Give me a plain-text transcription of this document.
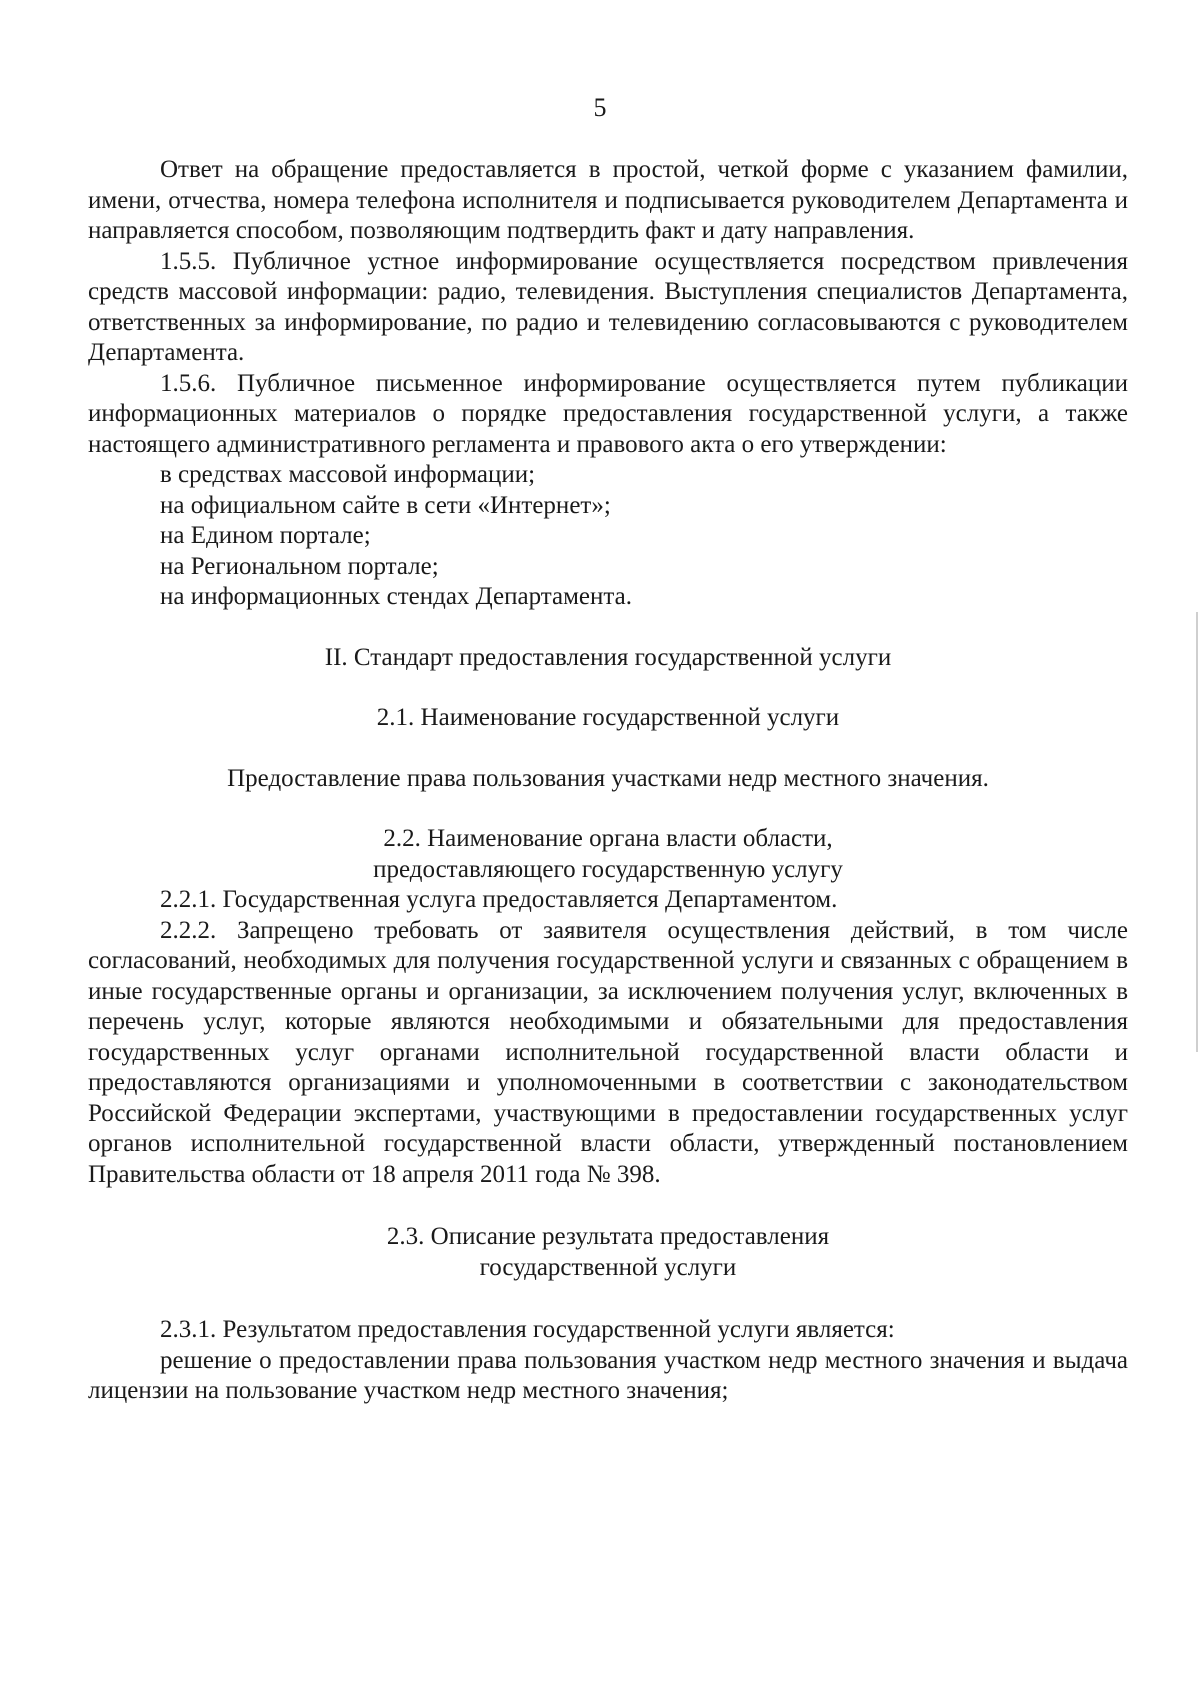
5

Ответ на обращение предоставляется в простой, четкой форме с указанием фамилии, имени, отчества, номера телефона исполнителя и подписывается руководителем Департамента и направляется способом, позволяющим подтвердить факт и дату направления.

1.5.5. Публичное устное информирование осуществляется посредством привлечения средств массовой информации: радио, телевидения. Выступления специалистов Департамента, ответственных за информирование, по радио и телевидению согласовываются с руководителем Департамента.

1.5.6. Публичное письменное информирование осуществляется путем публикации информационных материалов о порядке предоставления государственной услуги, а также настоящего административного регламента и правового акта о его утверждении:

в средствах массовой информации;

на официальном сайте в сети «Интернет»;

на Едином портале;

на Региональном портале;

на информационных стендах Департамента.

II. Стандарт предоставления государственной услуги

2.1. Наименование государственной услуги

Предоставление права пользования участками недр местного значения.

2.2. Наименование органа власти области,

предоставляющего государственную услугу

2.2.1. Государственная услуга предоставляется Департаментом.

2.2.2. Запрещено требовать от заявителя осуществления действий, в том числе согласований, необходимых для получения государственной услуги и связанных с обращением в иные государственные органы и организации, за исключением получения услуг, включенных в перечень услуг, которые являются необходимыми и обязательными для предоставления государственных услуг органами исполнительной государственной власти области и предоставляются организациями и уполномоченными в соответствии с законодательством Российской Федерации экспертами, участвующими в предоставлении государственных услуг органов исполнительной государственной власти области, утвержденный постановлением Правительства области от 18 апреля 2011 года № 398.

2.3. Описание результата предоставления

государственной услуги

2.3.1. Результатом предоставления государственной услуги является:

решение о предоставлении права пользования участком недр местного значения и выдача лицензии на пользование участком недр местного значения;
